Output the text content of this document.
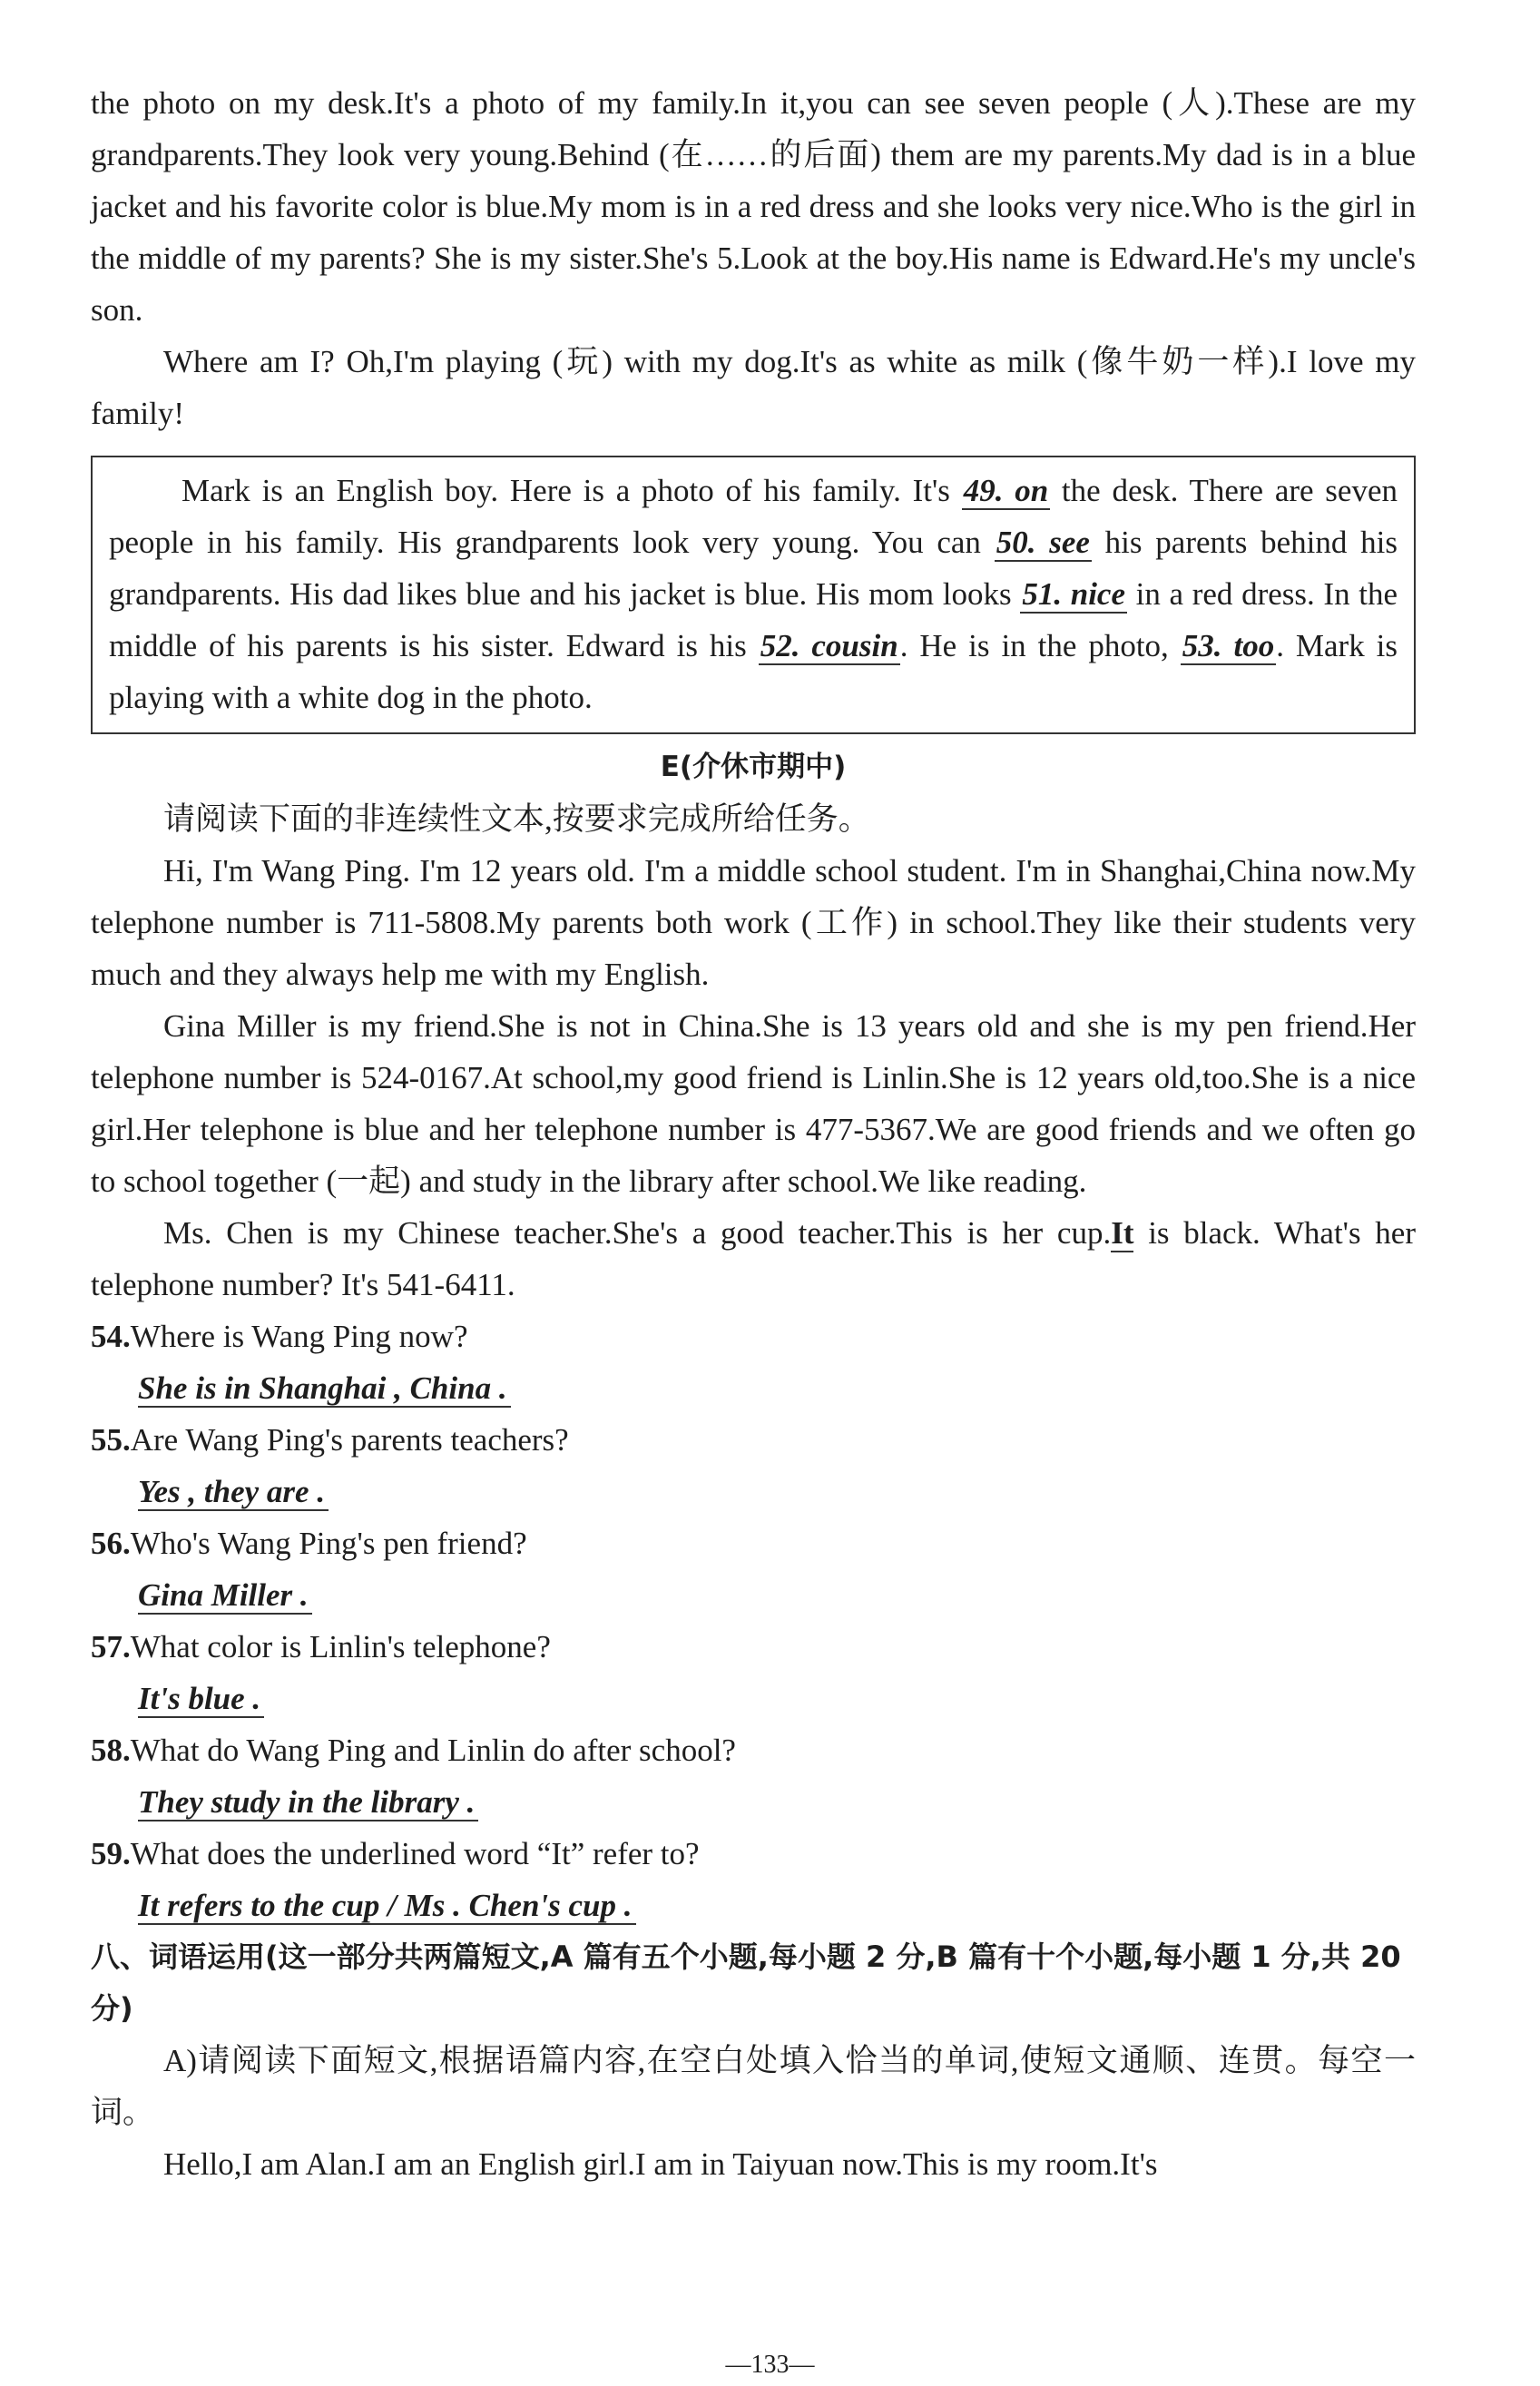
the photo on my desk.It's a photo of my family.In it,you can see seven people (人).These are my grandparents.They look very young.Behind (在……的后面) them are my parents.My dad is in a blue jacket and his favorite color is blue.My mom is in a red dress and she looks very nice.Who is the girl in the middle of my parents? She is my sister.She's 5.Look at the boy.His name is Edward.He's my uncle's son.

Where am I? Oh,I'm playing (玩) with my dog.It's as white as milk (像牛奶一样).I love my family!

Mark is an English boy. Here is a photo of his family. It's 49. on the desk. There are seven people in his family. His grandparents look very young. You can 50. see his parents behind his grandparents. His dad likes blue and his jacket is blue. His mom looks 51. nice in a red dress. In the middle of his parents is his sister. Edward is his 52. cousin. He is in the photo, 53. too. Mark is playing with a white dog in the photo.

E(介休市期中)

请阅读下面的非连续性文本,按要求完成所给任务。

Hi, I'm Wang Ping. I'm 12 years old. I'm a middle school student. I'm in Shanghai,China now.My telephone number is 711-5808.My parents both work (工作) in school.They like their students very much and they always help me with my English.

Gina Miller is my friend.She is not in China.She is 13 years old and she is my pen friend.Her telephone number is 524-0167.At school,my good friend is Linlin.She is 12 years old,too.She is a nice girl.Her telephone is blue and her telephone number is 477-5367.We are good friends and we often go to school together (一起) and study in the library after school.We like reading.

Ms. Chen is my Chinese teacher.She's a good teacher.This is her cup.It is black. What's her telephone number? It's 541-6411.

54.Where is Wang Ping now?

She is in Shanghai , China .

55.Are Wang Ping's parents teachers?

Yes , they are .

56.Who's Wang Ping's pen friend?

Gina Miller .

57.What color is Linlin's telephone?

It's blue .

58.What do Wang Ping and Linlin do after school?

They study in the library .

59.What does the underlined word “It” refer to?

It refers to the cup / Ms . Chen's cup .

八、词语运用(这一部分共两篇短文,A 篇有五个小题,每小题 2 分,B 篇有十个小题,每小题 1 分,共 20 分)

A)请阅读下面短文,根据语篇内容,在空白处填入恰当的单词,使短文通顺、连贯。每空一词。

Hello,I am Alan.I am an English girl.I am in Taiyuan now.This is my room.It's

—133—
